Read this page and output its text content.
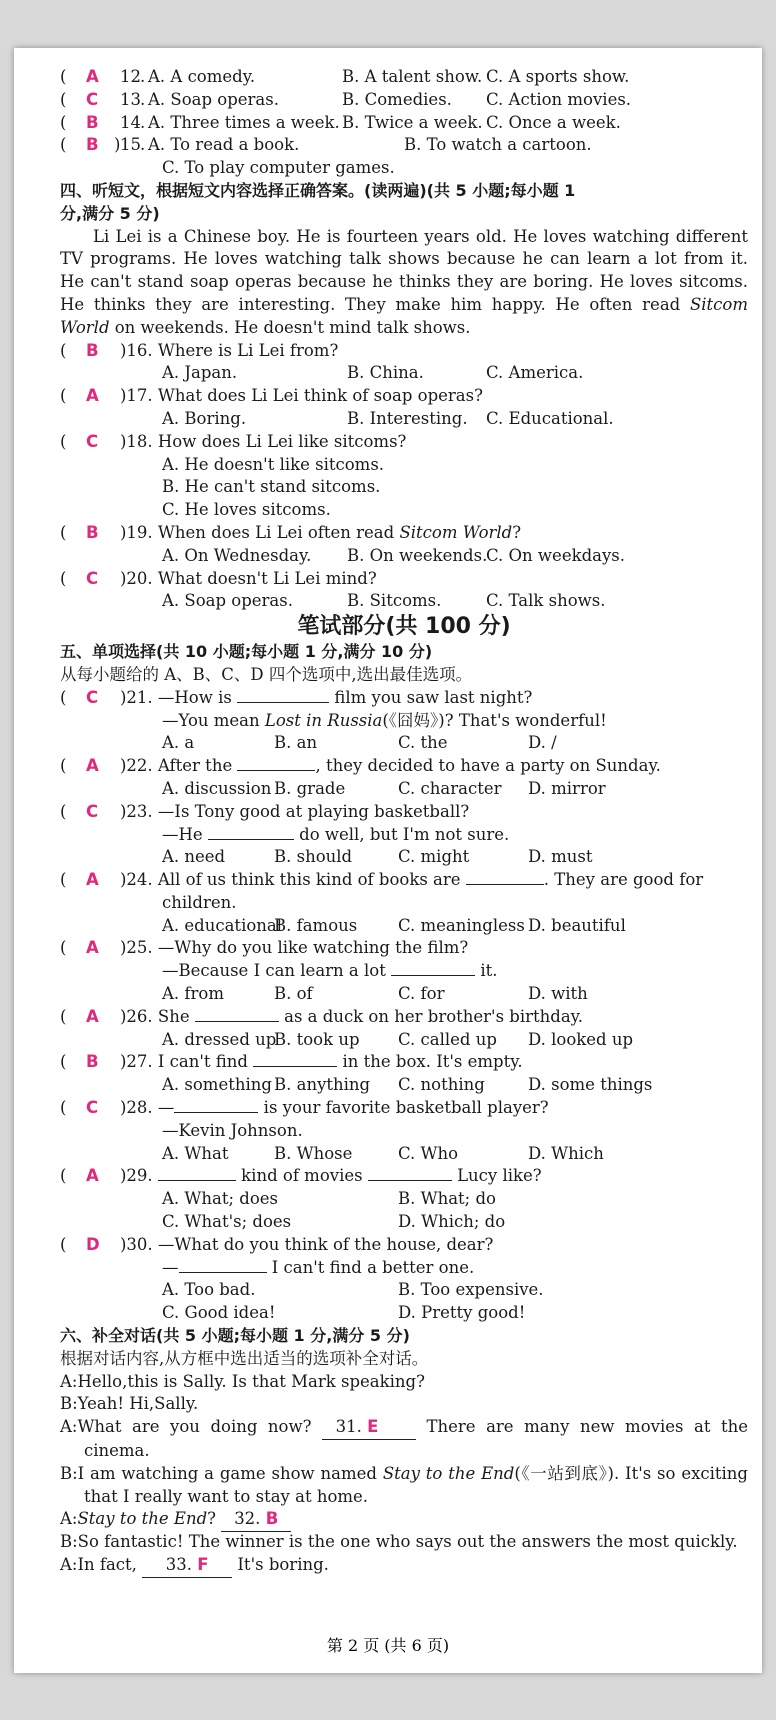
( A 12 . A. A comedy.	B. A talent show. C. A sports show.
( C 13 . A. Soap operas.	B. Comedies. C. Action movies.
( B 14 . A. Three times a week. B. Twice a week. C. Once a week.
( B ) 15 . A. To read a book.	B. To watch a cartoon.
C. To play computer games.
四、听短文，根据短文内容选择正确答案。(读两遍)(共 5 小题;每小题 1
分,满分 5 分)
Li Lei is a Chinese boy. He is fourteen years old. He loves watching different TV programs. He loves watching talk shows because he can learn a lot from it. He can't stand soap operas because he thinks they are boring. He loves sitcoms. He thinks they are interesting. They make him happy. He often read Sitcom World on weekends. He doesn't mind talk shows.
( B )16. Where is Li Lei from?
A. Japan.	B. China.	C. America.
( A )17. What does Li Lei think of soap operas?
A. Boring.	B. Interesting. C. Educational.
( C )18. How does Li Lei like sitcoms?
A. He doesn't like sitcoms.
B. He can't stand sitcoms.
C. He loves sitcoms.
( B )19. When does Li Lei often read Sitcom World?
A. On Wednesday. B. On weekends.
C. On weekdays.
( C )20. What doesn't Li Lei mind?
A. Soap operas.	B. Sitcoms.	C. Talk shows.
笔试部分(共 100 分)
五、单项选择(共 10 小题;每小题 1 分,满分 10 分)
从每小题给的 A、B、C、D 四个选项中,选出最佳选项。
( C )21. —How is	film you saw last night?
—You mean Lost in Russia(《囧妈》)? That's wonderful!
A. a	B. an	C. the	D. /
( A )22. After the	, they decided to have a party on Sunday.
A. discussion B. grade	C. character D. mirror
( C )23. —Is Tony good at playing basketball?
—He	do well, but I'm not sure.
A. need	B. should	C. might	D. must
( A )24. All of us think this kind of books are	. They are good for
children.
A. educational
B. famous C. meaningless D. beautiful
( A )25. —Why do you like watching the film?
—Because I can learn a lot	it.
A. from	B. of	C. for	D. with
( A )26. She	as a duck on her brother's birthday.
A. dressed up
B. took up C. called up D. looked up
( B )27. I can't find	in the box. It's empty.
A. something B. anything C. nothing	D. some things
( C )28. —	is your favorite basketball player?
—Kevin Johnson.
A. What	B. Whose	C. Who	D. Which
( A )29.	kind of movies	Lucy like?
A. What; does	B. What; do
C. What's; does	D. Which; do
( D )30. —What do you think of the house, dear?
—	I can't find a better one.
A. Too bad.	B. Too expensive.
C. Good idea!	D. Pretty good!
六、补全对话(共 5 小题;每小题 1 分,满分 5 分)
根据对话内容,从方框中选出适当的选项补全对话。
A:Hello,this is Sally. Is that Mark speaking?
B:Yeah! Hi,Sally.
A:What are you doing now? 31. E There are many new movies at the cinema.
B:I am watching a game show named Stay to the End(《一站到底》). It's so exciting that I really want to stay at home.
A:Stay to the End? 32. B
B:So fantastic! The winner is the one who says out the answers the most quickly.
A:In fact, 33. F It's boring.
第 2 页 (共 6 页)
